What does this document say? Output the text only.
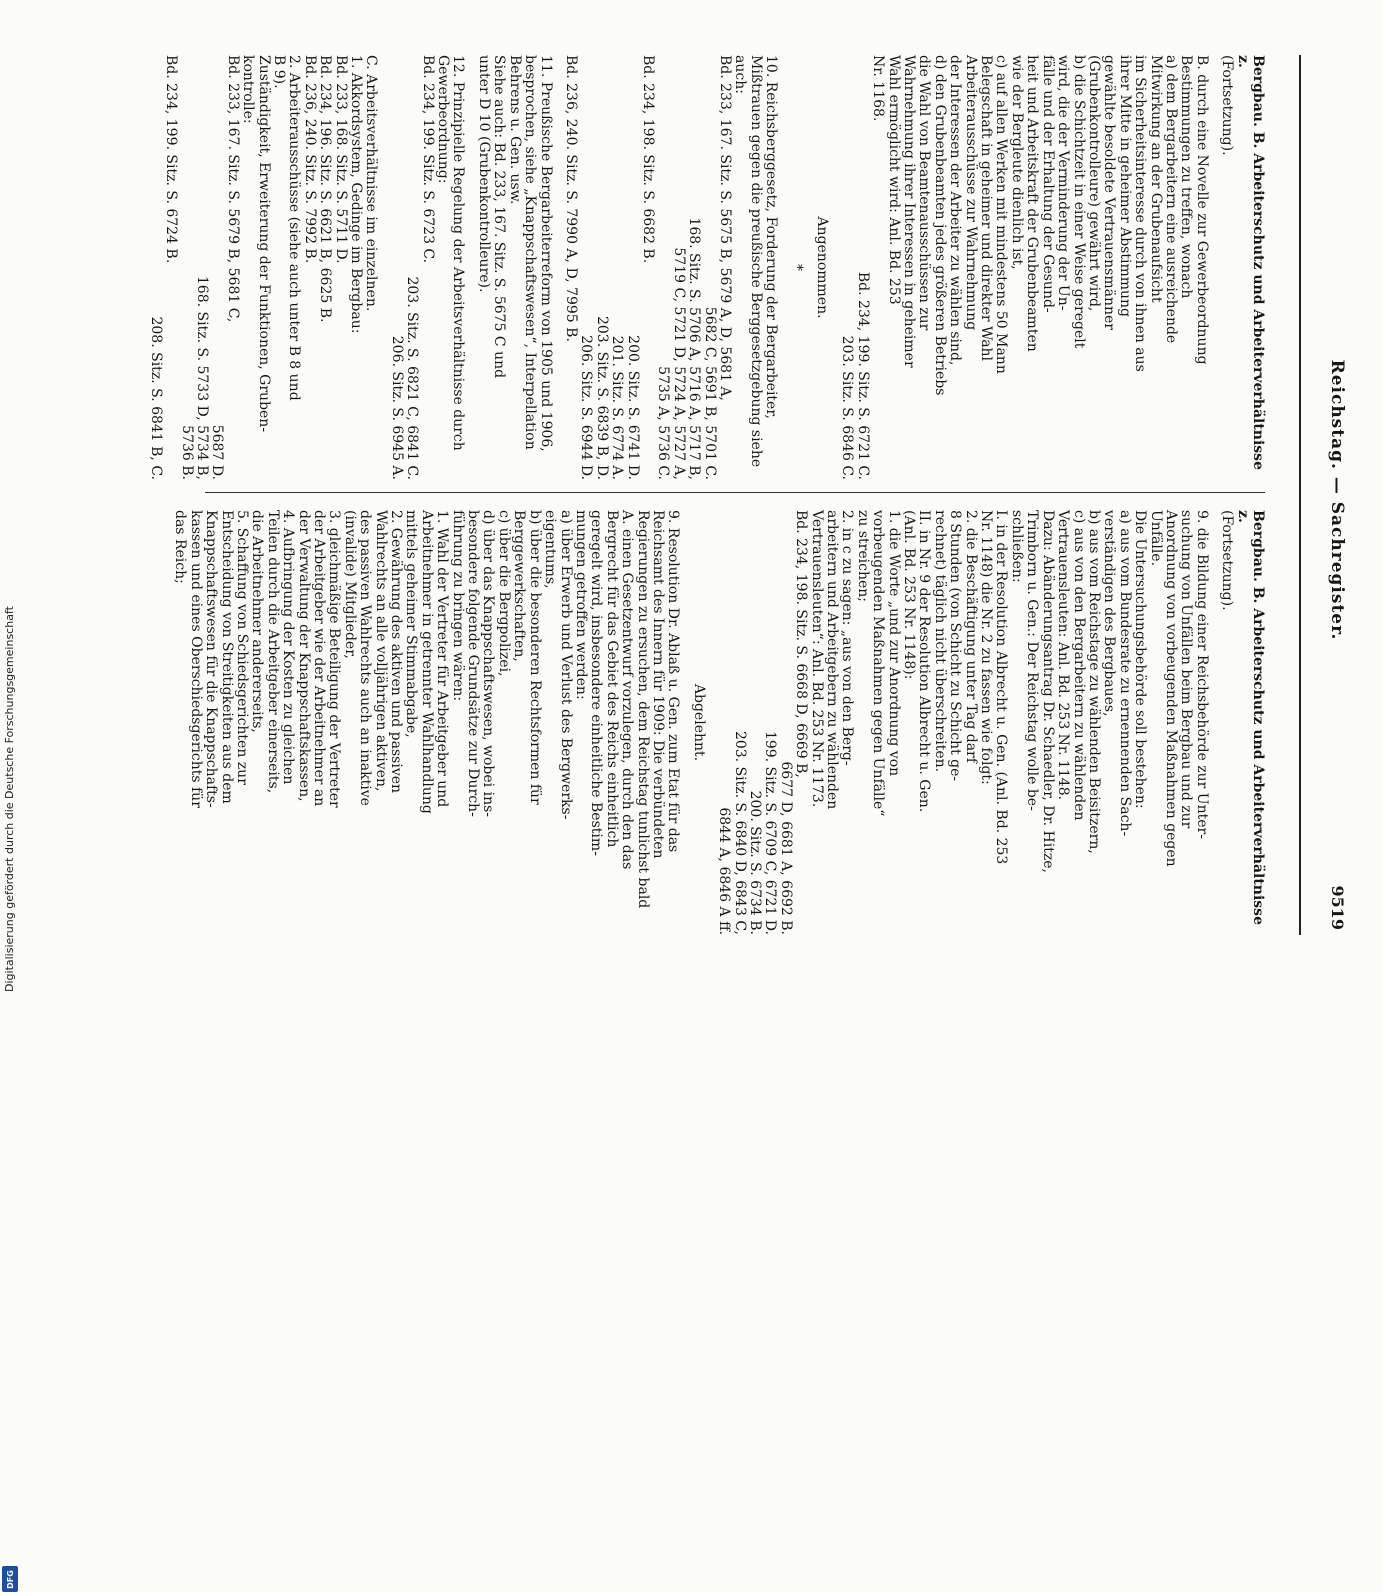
Reichstag. — Sachregister.
9519

Bergbau. B. Arbeiterschutz und Arbeiterverhältnisse z.

(Fortsetzung).

B. durch eine Novelle zur Gewerbeordnung

Bestimmungen zu treffen, wonach

a) dem Bergarbeitern eine ausreichende

Mitwirkung an der Grubenaufsicht

im Sicherheitsinteresse durch von ihnen aus

ihrer Mitte in geheimer Abstimmung

gewählte besoldete Vertrauensmänner

(Grubenkontrolleure) gewährt wird,

b) die Schichtzeit in einer Weise geregelt

wird, die der Verminderung der Un-

fälle und der Erhaltung der Gesund-

heit und Arbeitskraft der Grubenbeamten

wie der Bergleute dienlich ist,

c) auf allen Werken mit mindestens 50 Mann

Belegschaft in geheimer und direkter Wahl

Arbeiterausschüsse zur Wahrnehmung

der Interessen der Arbeiter zu wählen sind,

d) den Grubenbeamten jedes größeren Betriebs

die Wahl von Beamtenausschüssen zur

Wahrnehmung ihrer Interessen in geheimer

Wahl ermöglicht wird: Anl. Bd. 253

Nr. 1168.

Bd. 234, 199. Sitz. S. 6721 C.

203. Sitz. S. 6846 C.

Angenommen.

*

10. Reichsberggesetz, Forderung der Bergarbeiter,

Mißtrauen gegen die preußische Berggesetzgebung siehe

auch:

Bd. 233, 167. Sitz. S. 5675 B, 5679 A, D, 5681 A,

5682 C, 5691 B, 5701 C.

168. Sitz. S. 5706 A, 5716 A, 5717 B,

5719 C, 5721 D, 5724 A, 5727 A,

5735 A, 5736 C.

Bd. 234, 198. Sitz. S. 6682 B.

200. Sitz. S. 6741 D.

201. Sitz. S. 6774 A.

203. Sitz. S. 6839 B, D.

206. Sitz. S. 6944 D.

Bd. 236, 240. Sitz. S. 7990 A, D, 7995 B.

11. Preußische Bergarbeiterreform von 1905 und 1906,

besprochen, siehe „Knappschaftswesen“, Interpellation

Behrens u. Gen. usw.

Siehe auch: Bd. 233, 167. Sitz. S. 5675 C und

unter D 10 (Grubenkontrolleure).

12. Prinzipielle Regelung der Arbeitsverhältnisse durch

Gewerbeordnung:

Bd. 234, 199. Sitz. S. 6723 C.

203. Sitz. S. 6821 C, 6841 C.

206. Sitz. S. 6945 A.

C. Arbeitsverhältnisse im einzelnen.

1. Akkordsystem, Gedinge im Bergbau:

Bd. 233, 168. Sitz. S. 5711 D.

Bd. 234, 196. Sitz. S. 6621 B, 6625 B.

Bd. 236, 240. Sitz. S. 7992 B.

2. Arbeiterausschüsse (siehe auch unter B 8 und

B 9).

Zuständigkeit, Erweiterung der Funktionen, Gruben-

kontrolle:

Bd. 233, 167. Sitz. S. 5679 B, 5681 C,

5687 D.

168. Sitz. S. 5733 D, 5734 B,

5736 B.

Bd. 234, 199. Sitz. S. 6724 B.

208. Sitz. S. 6841 B, C.

Bergbau. B. Arbeiterschutz und Arbeiterverhältnisse z.

(Fortsetzung).

9. die Bildung einer Reichsbehörde zur Unter-

suchung von Unfällen beim Bergbau und zur

Anordnung von vorbeugenden Maßnahmen gegen

Unfälle.

Die Untersuchungsbehörde soll bestehen:

a) aus vom Bundesrate zu ernennenden Sach-

verständigen des Bergbaues,

b) aus vom Reichstage zu wählenden Beisitzern,

c) aus von den Bergarbeitern zu wählenden

Vertrauensleuten: Anl. Bd. 253 Nr. 1148.

Dazu: Abänderungsantrag Dr. Schaedler, Dr. Hitze,

Trimborn u. Gen.: Der Reichstag wolle be-

schließen:

I. in der Resolution Albrecht u. Gen. (Anl. Bd. 253

Nr. 1148) die Nr. 2 zu fassen wie folgt:

2. die Beschäftigung unter Tag darf

8 Stunden (von Schicht zu Schicht ge-

rechnet) täglich nicht überschreiten.

II. in Nr. 9 der Resolution Albrecht u. Gen.

(Anl. Bd. 253 Nr. 1148):

1. die Worte „und zur Anordnung von

vorbeugenden Maßnahmen gegen Unfälle“

zu streichen;

2. in c zu sagen: „aus von den Berg-

arbeitern und Arbeitgebern zu wählenden

Vertrauensleuten“: Anl. Bd. 253 Nr. 1173.

Bd. 234, 198. Sitz. S. 6668 D, 6669 B,

6677 D, 6681 A, 6692 B.

199. Sitz. S. 6709 C, 6721 D.

200. Sitz. S. 6734 B.

203. Sitz. S. 6840 D, 6843 C,

6844 A, 6846 A ff.

Abgelehnt.

9. Resolution Dr. Ablaß u. Gen. zum Etat für das

Reichsamt des Innern für 1909: Die verbündeten

Regierungen zu ersuchen, dem Reichstag tunlichst bald

A. einen Gesetzentwurf vorzulegen, durch den das

Bergrecht für das Gebiet des Reichs einheitlich

geregelt wird, insbesondere einheitliche Bestim-

mungen getroffen werden:

a) über Erwerb und Verlust des Bergwerks-

eigentums,

b) über die besonderen Rechtsformen für

Berggewerkschaften,

c) über die Bergpolizei,

d) über das Knappschaftswesen, wobei ins-

besondere folgende Grundsätze zur Durch-

führung zu bringen wären:

1. Wahl der Vertreter für Arbeitgeber und

Arbeitnehmer in getrennter Wahlhandlung

mittels geheimer Stimmabgabe,

2. Gewährung des aktiven und passiven

Wahlrechts an alle volljährigen aktiven,

des passiven Wahlrechts auch an inaktive

(invalide) Mitglieder,

3. gleichmäßige Beteiligung der Vertreter

der Arbeitgeber wie der Arbeitnehmer an

der Verwaltung der Knappschaftskassen,

4. Aufbringung der Kosten zu gleichen

Teilen durch die Arbeitgeber einerseits,

die Arbeitnehmer andererseits,

5. Schaffung von Schiedsgerichten zur

Entscheidung von Streitigkeiten aus dem

Knappschaftswesen für die Knappschafts-

kassen und eines Oberschiedsgerichts für

das Reich;

Digitalisierung gefördert durch die Deutsche Forschungsgemeinschaft
DFG
